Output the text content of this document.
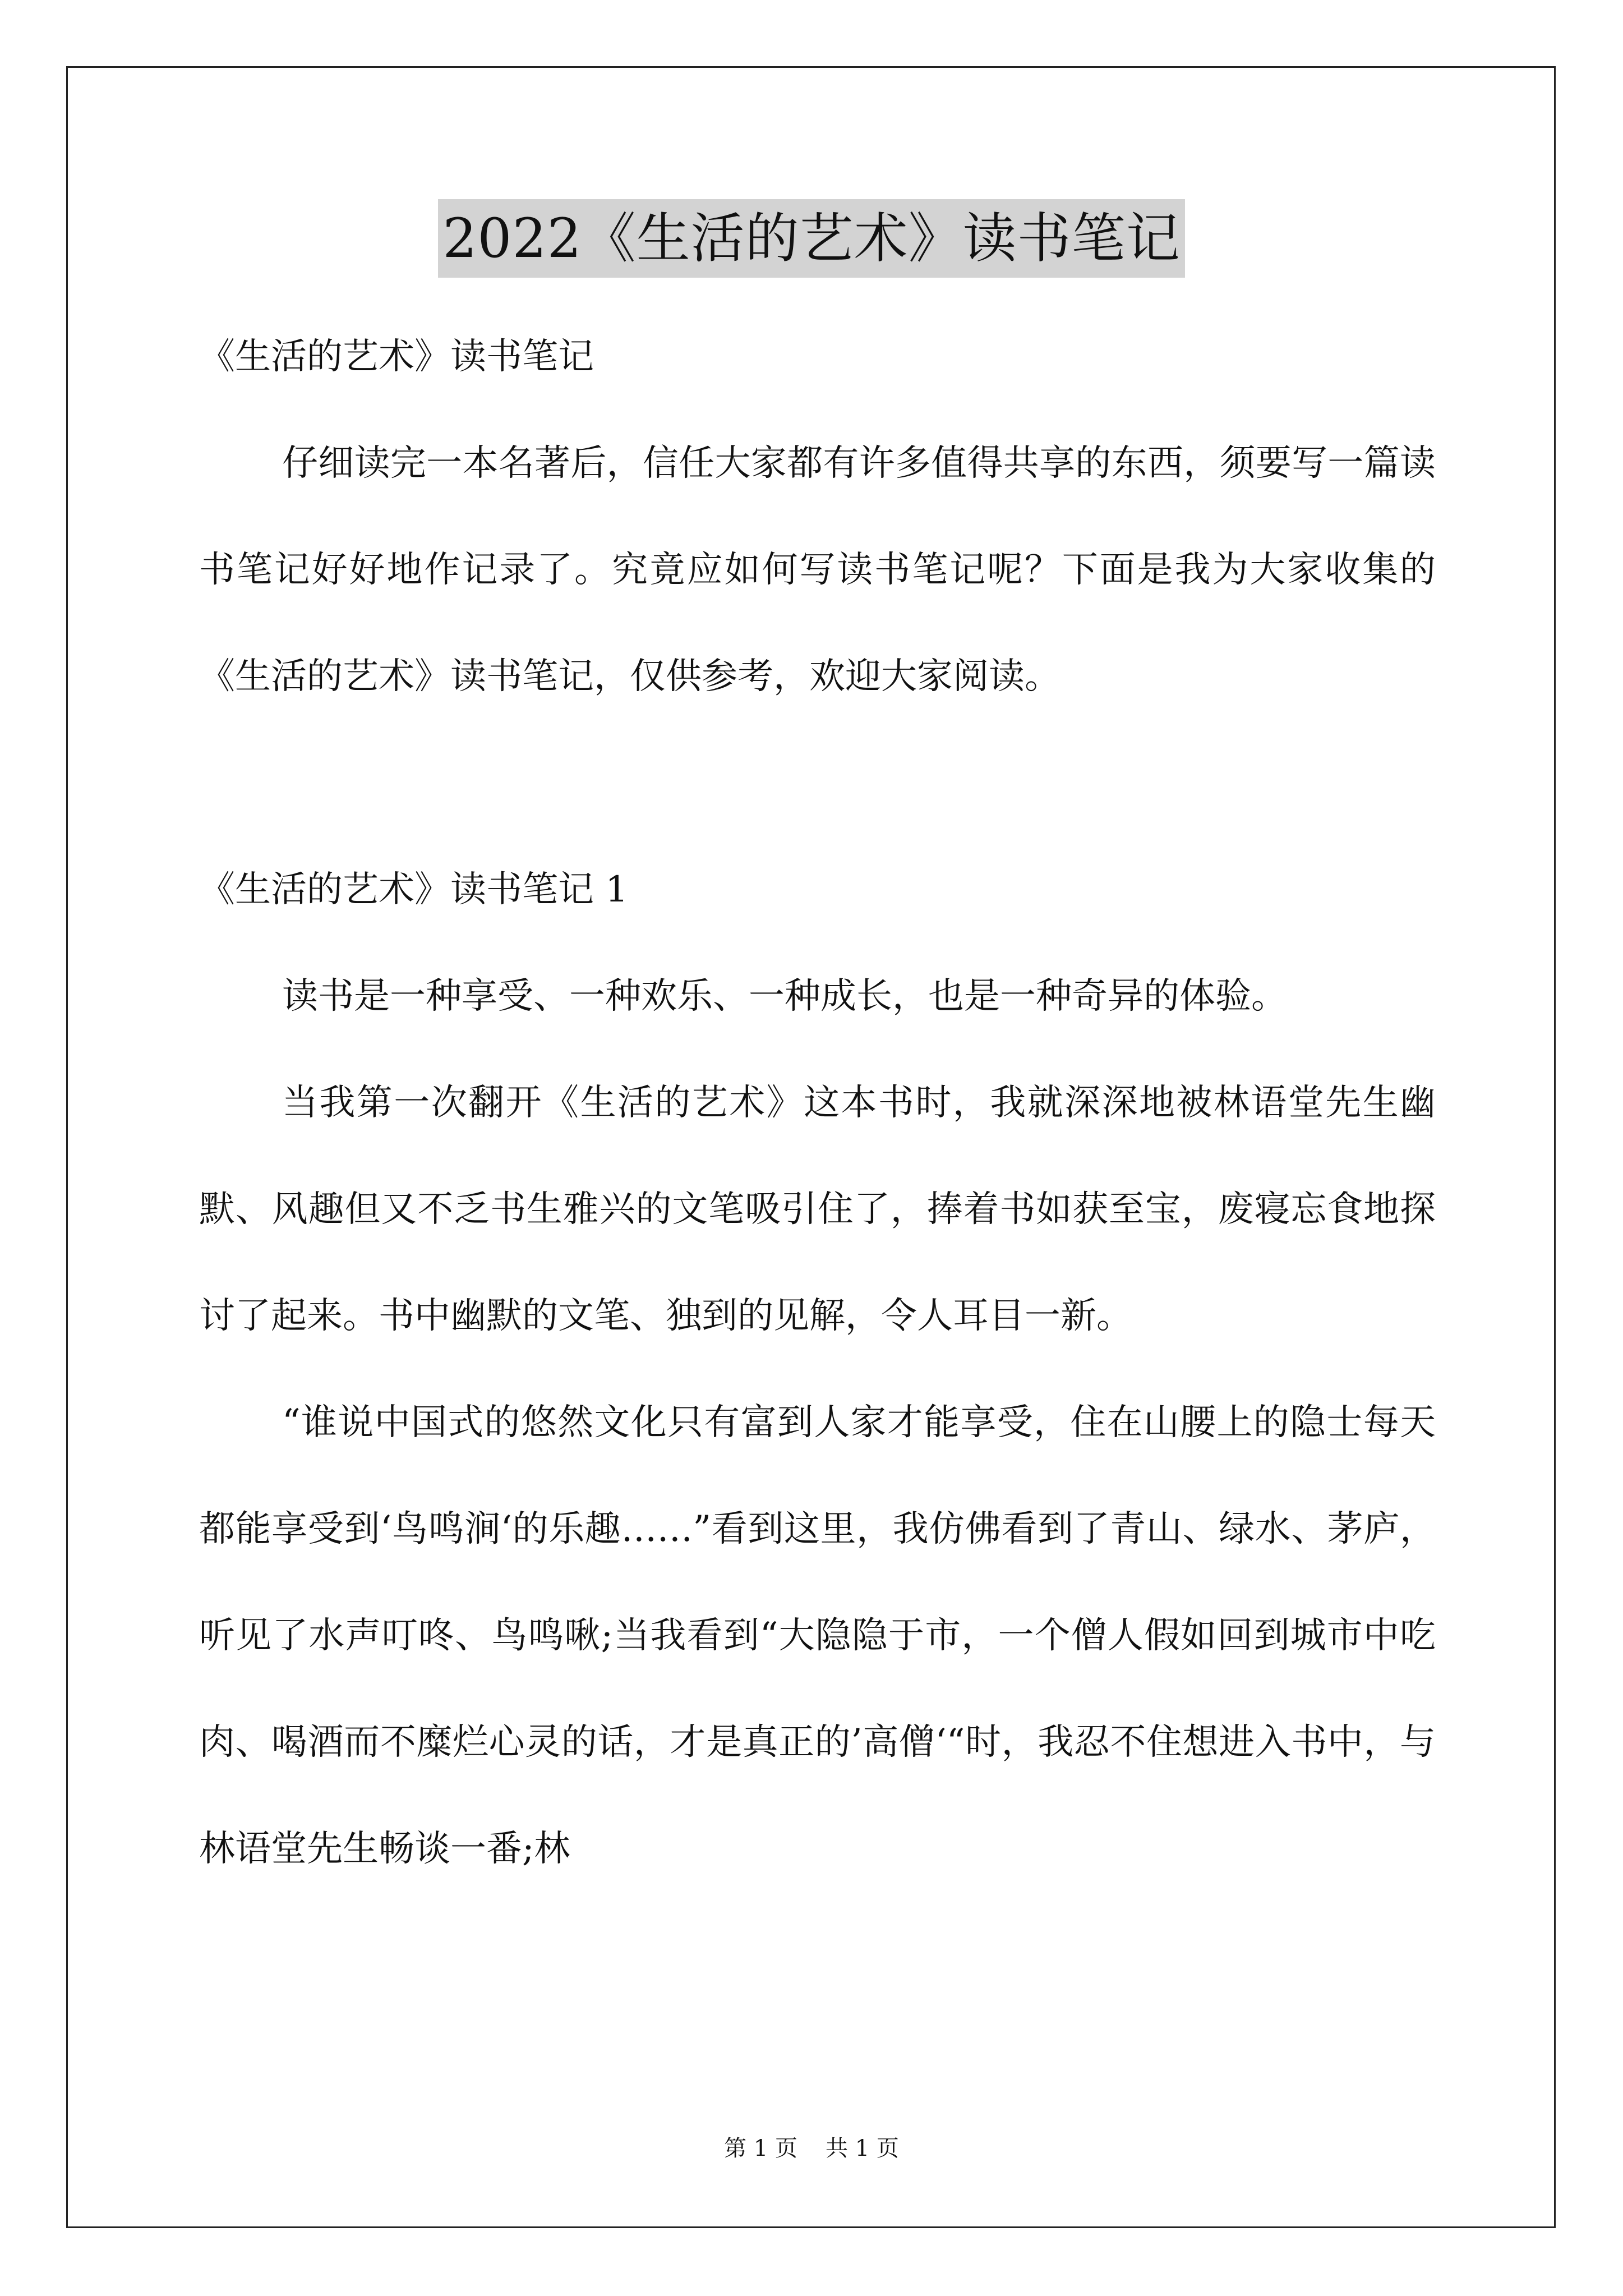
2022《生活的艺术》读书笔记

《生活的艺术》读书笔记

仔细读完一本名著后，信任大家都有许多值得共享的东西，须要写一篇读书笔记好好地作记录了。究竟应如何写读书笔记呢？下面是我为大家收集的《生活的艺术》读书笔记，仅供参考，欢迎大家阅读。

《生活的艺术》读书笔记 1

读书是一种享受、一种欢乐、一种成长，也是一种奇异的体验。

当我第一次翻开《生活的艺术》这本书时，我就深深地被林语堂先生幽默、风趣但又不乏书生雅兴的文笔吸引住了，捧着书如获至宝，废寝忘食地探讨了起来。书中幽默的文笔、独到的见解，令人耳目一新。

“谁说中国式的悠然文化只有富到人家才能享受，住在山腰上的隐士每天都能享受到‘鸟鸣涧‘的乐趣……”看到这里，我仿佛看到了青山、绿水、茅庐，听见了水声叮咚、鸟鸣啾;当我看到“大隐隐于市，一个僧人假如回到城市中吃肉、喝酒而不糜烂心灵的话，才是真正的’高僧‘“时，我忍不住想进入书中，与林语堂先生畅谈一番;林

第 1 页 共 1 页
